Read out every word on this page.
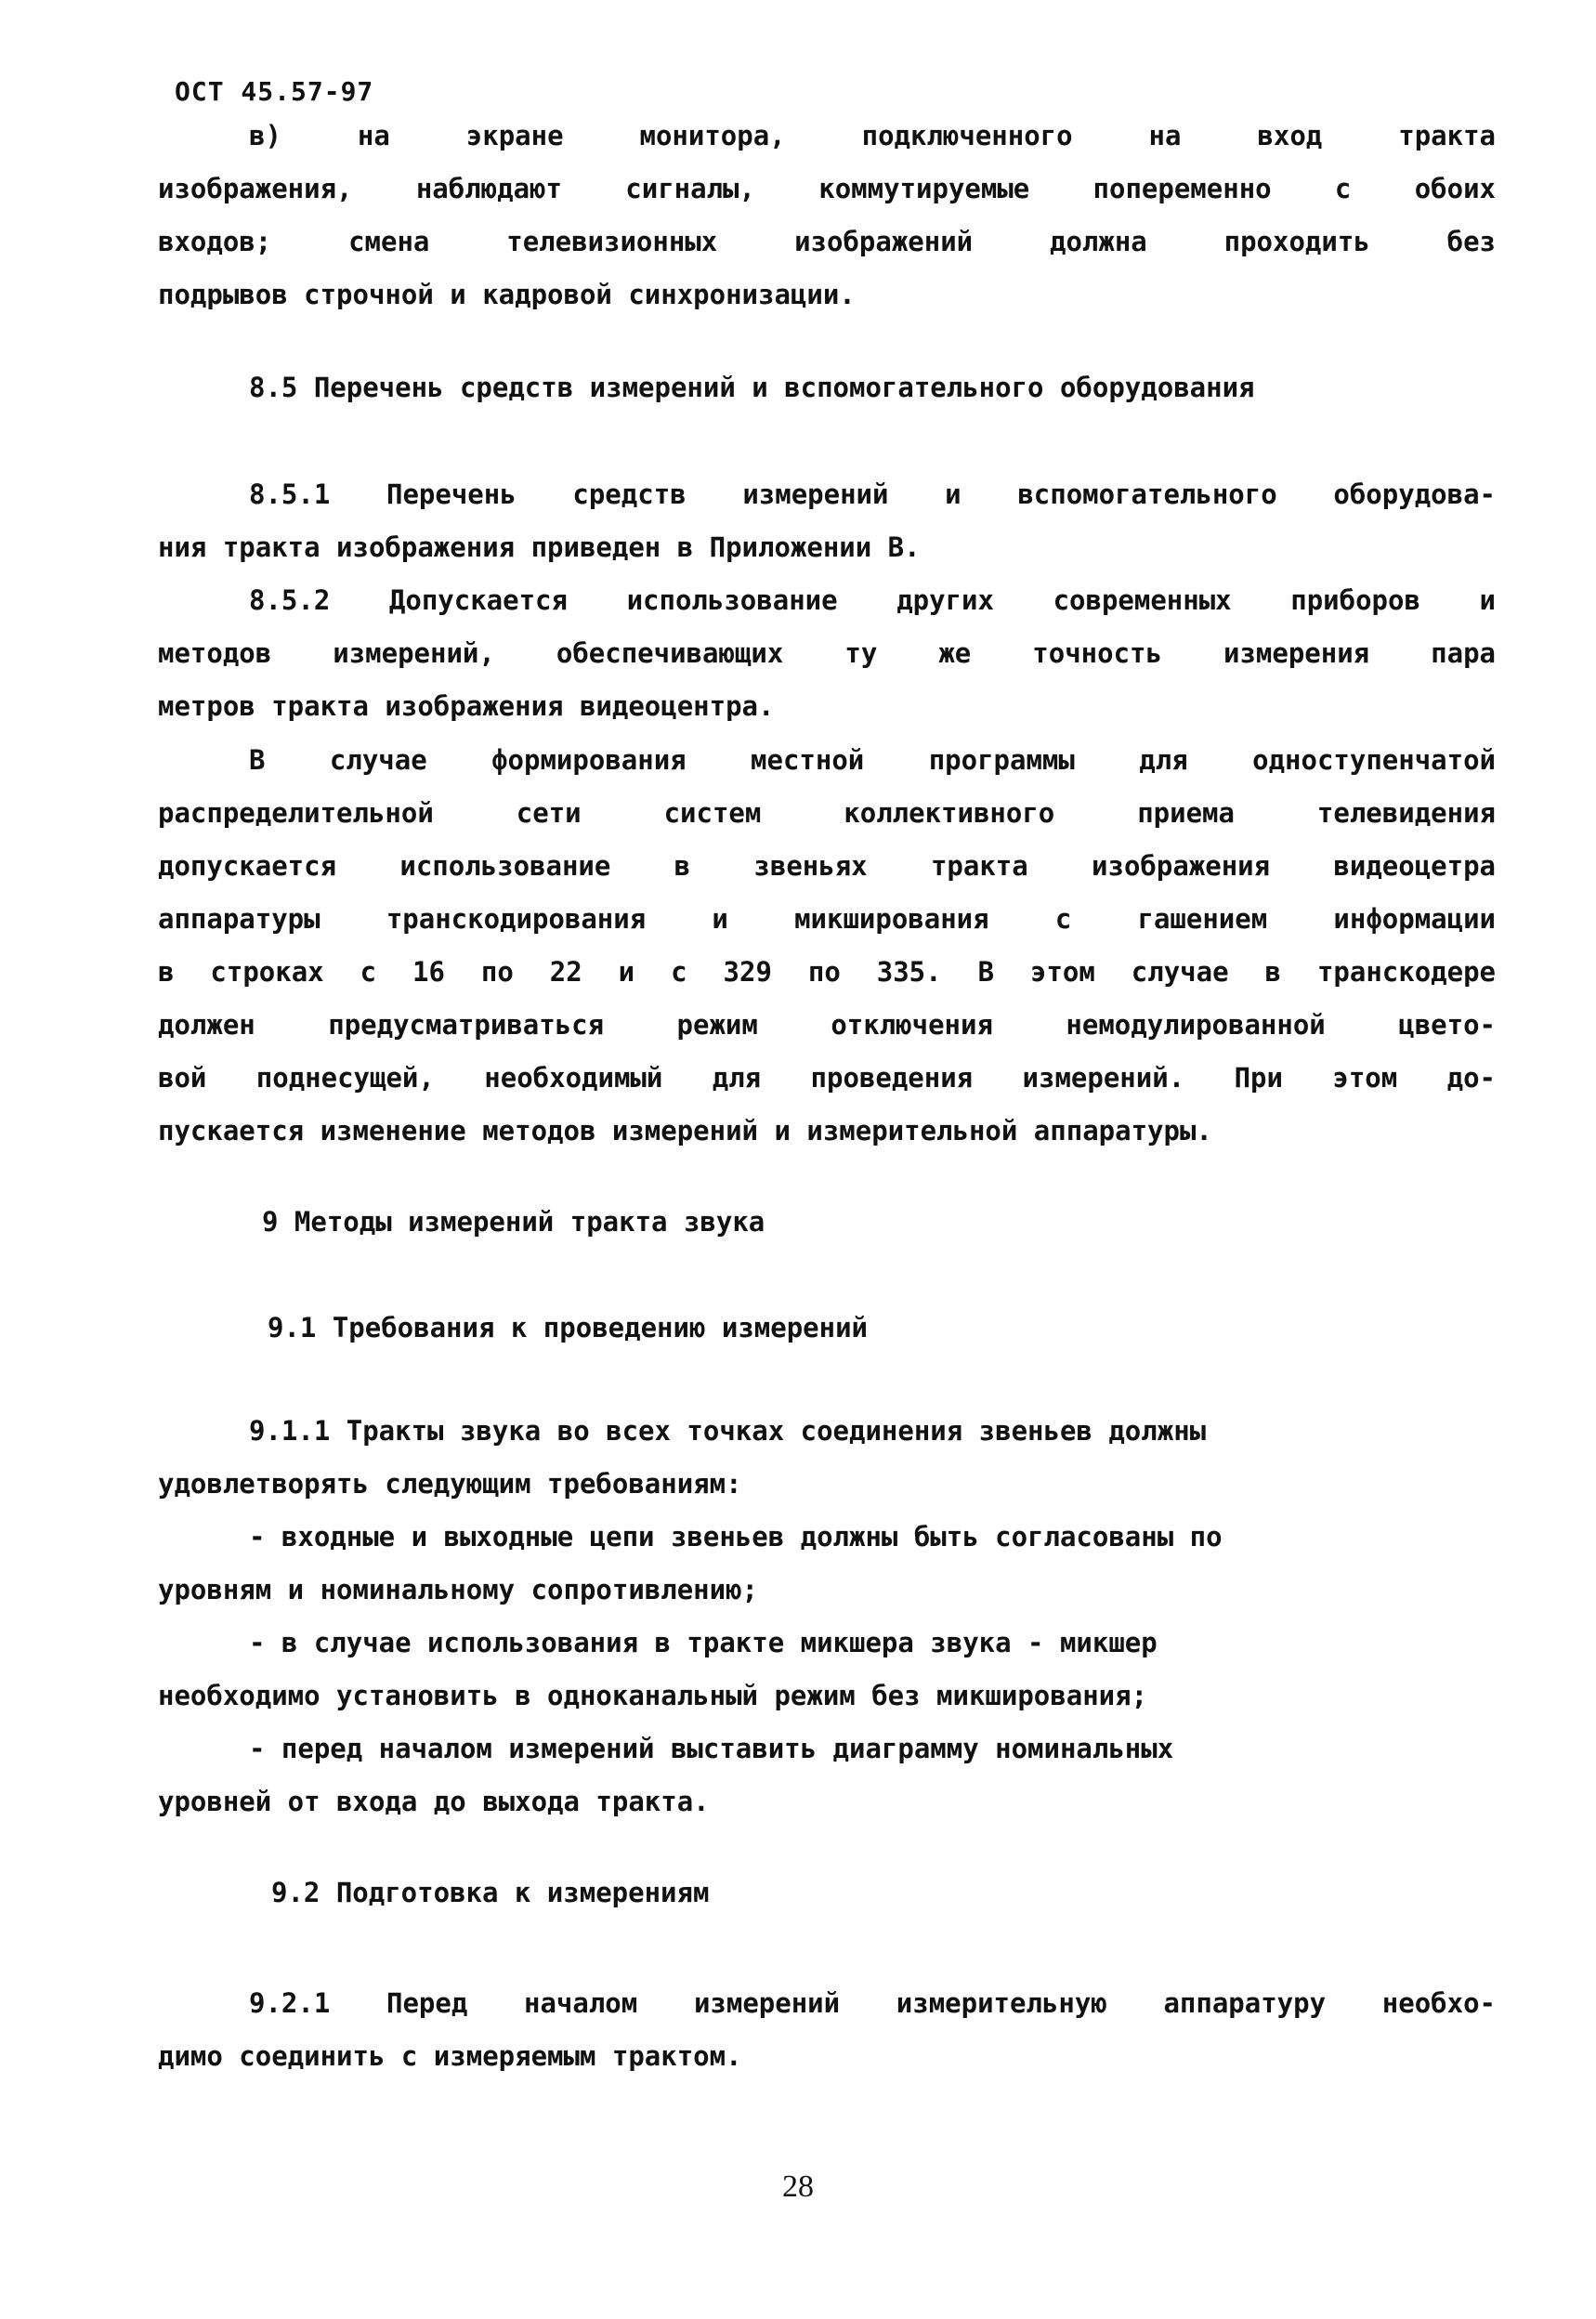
ОСТ 45.57-97
в) на экране монитора, подключенного на вход тракта
изображения, наблюдают сигналы, коммутируемые попеременно с обоих
входов; смена телевизионных изображений должна проходить без
подрывов строчной и кадровой синхронизации.
8.5 Перечень средств измерений и вспомогательного оборудования
8.5.1 Перечень средств измерений и вспомогательного оборудова-
ния тракта изображения приведен в Приложении В.
8.5.2 Допускается использование других современных приборов и
методов измерений, обеспечивающих ту же точность измерения пара
метров тракта изображения видеоцентра.
В случае формирования местной программы для одноступенчатой
распределительной сети систем коллективного приема телевидения
допускается использование в звеньях тракта изображения видеоцетра
аппаратуры транскодирования и микширования с гашением информации
в строках с 16 по 22 и с 329 по 335. В этом случае в транскодере
должен предусматриваться режим отключения немодулированной цвето-
вой поднесущей, необходимый для проведения измерений. При этом до-
пускается изменение методов измерений и измерительной аппаратуры.
9 Методы измерений тракта звука
9.1 Требования к проведению измерений
9.1.1 Тракты звука во всех точках соединения звеньев должны
удовлетворять следующим требованиям:
- входные и выходные цепи звеньев должны быть согласованы по
уровням и номинальному сопротивлению;
- в случае использования в тракте микшера звука - микшер
необходимо установить в одноканальный режим без микширования;
- перед началом измерений выставить диаграмму номинальных
уровней от входа до выхода тракта.
9.2 Подготовка к измерениям
9.2.1 Перед началом измерений измерительную аппаратуру необхо-
димо соединить с измеряемым трактом.
28
